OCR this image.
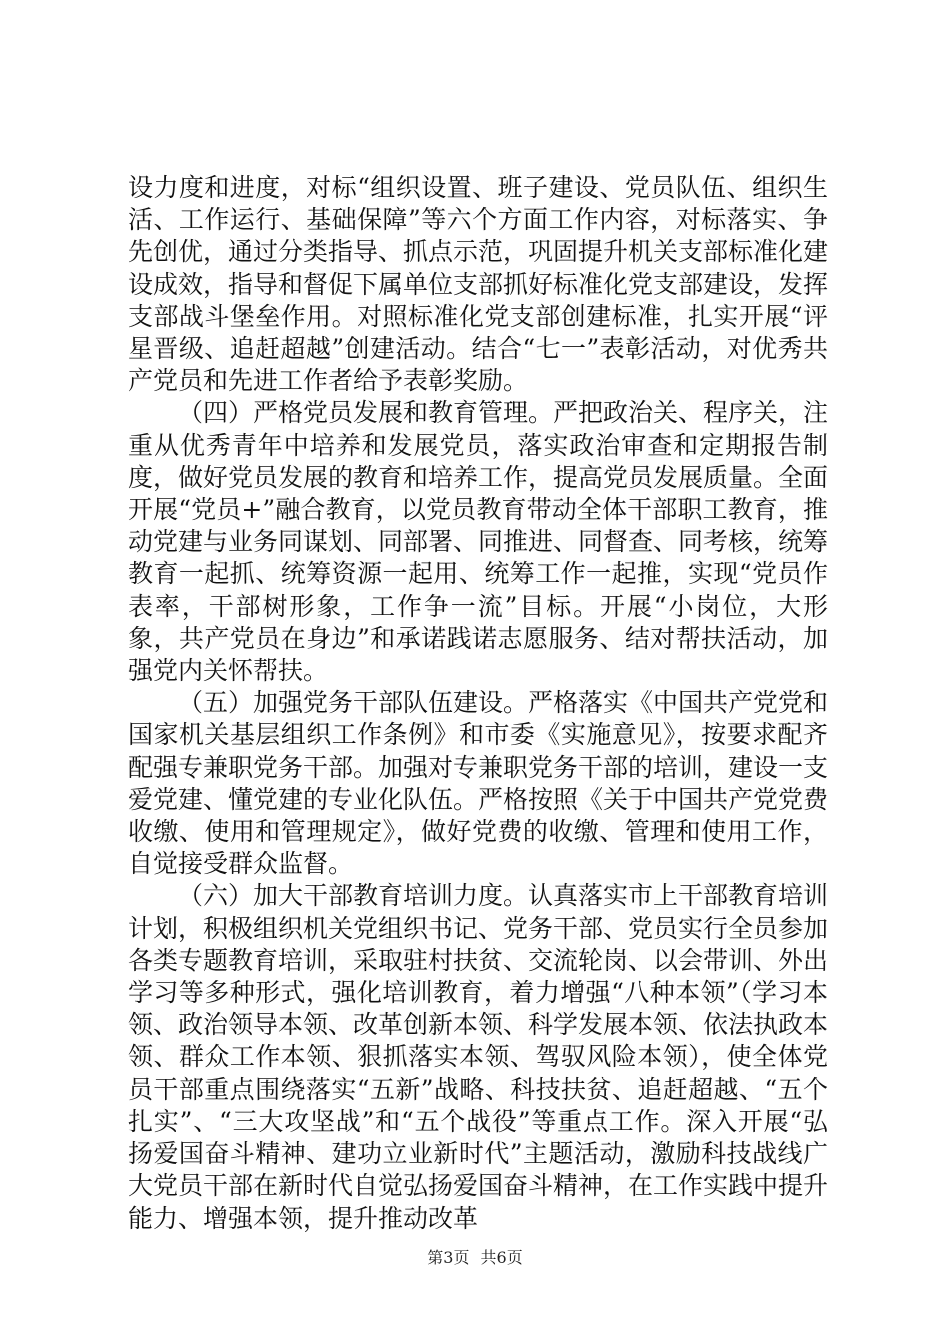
设力度和进度，对标“组织设置、班子建设、党员队伍、组织生活、工作运行、基础保障”等六个方面工作内容，对标落实、争先创优，通过分类指导、抓点示范，巩固提升机关支部标准化建设成效，指导和督促下属单位支部抓好标准化党支部建设，发挥支部战斗堡垒作用。对照标准化党支部创建标准，扎实开展“评星晋级、追赶超越”创建活动。结合“七一”表彰活动，对优秀共产党员和先进工作者给予表彰奖励。

（四）严格党员发展和教育管理。严把政治关、程序关，注重从优秀青年中培养和发展党员，落实政治审查和定期报告制度，做好党员发展的教育和培养工作，提高党员发展质量。全面开展“党员+”融合教育，以党员教育带动全体干部职工教育，推动党建与业务同谋划、同部署、同推进、同督查、同考核，统筹教育一起抓、统筹资源一起用、统筹工作一起推，实现“党员作表率，干部树形象，工作争一流”目标。开展“小岗位，大形象，共产党员在身边”和承诺践诺志愿服务、结对帮扶活动，加强党内关怀帮扶。

（五）加强党务干部队伍建设。严格落实《中国共产党党和国家机关基层组织工作条例》和市委《实施意见》，按要求配齐配强专兼职党务干部。加强对专兼职党务干部的培训，建设一支爱党建、懂党建的专业化队伍。严格按照《关于中国共产党党费收缴、使用和管理规定》，做好党费的收缴、管理和使用工作，自觉接受群众监督。

（六）加大干部教育培训力度。认真落实市上干部教育培训计划，积极组织机关党组织书记、党务干部、党员实行全员参加各类专题教育培训，采取驻村扶贫、交流轮岗、以会带训、外出学习等多种形式，强化培训教育，着力增强“八种本领”（学习本领、政治领导本领、改革创新本领、科学发展本领、依法执政本领、群众工作本领、狠抓落实本领、驾驭风险本领），使全体党员干部重点围绕落实“五新”战略、科技扶贫、追赶超越、“五个扎实”、“三大攻坚战”和“五个战役”等重点工作。深入开展“弘扬爱国奋斗精神、建功立业新时代”主题活动，激励科技战线广大党员干部在新时代自觉弘扬爱国奋斗精神，在工作实践中提升能力、增强本领，提升推动改革

第3页 共6页
